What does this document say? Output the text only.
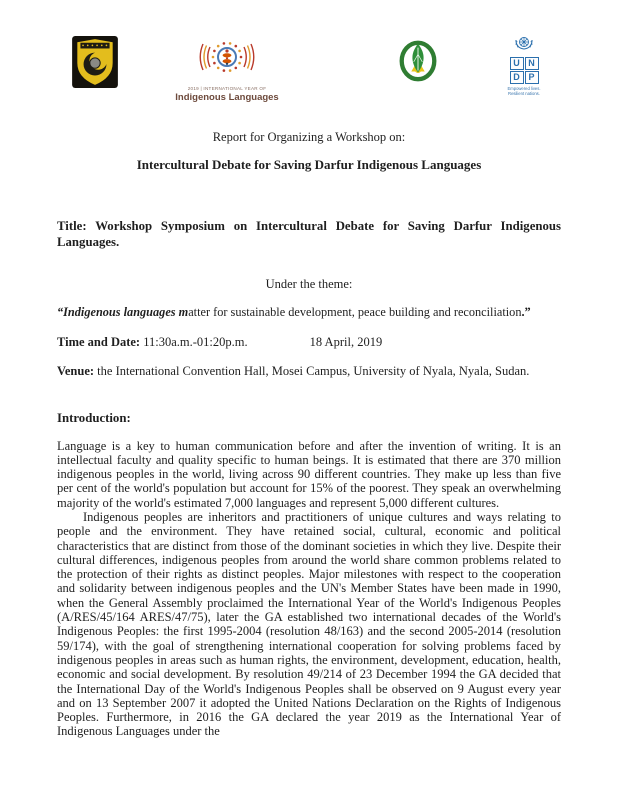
2019 | INTERNATIONAL YEAR OF
Indigenous Languages
U N
D P
Empowered lives.
Resilient nations.
Report for Organizing a Workshop on:
Intercultural Debate for Saving Darfur Indigenous Languages
Title: Workshop Symposium on Intercultural Debate for Saving Darfur Indigenous Languages.
Under the theme:
“Indigenous languages matter for sustainable development, peace building and reconciliation.”
Time and Date: 11:30a.m.-01:20p.m.	18 April, 2019
Venue: the International Convention Hall, Mosei Campus, University of Nyala, Nyala, Sudan.
Introduction:
Language is a key to human communication before and after the invention of writing. It is an intellectual faculty and quality specific to human beings. It is estimated that there are 370 million indigenous peoples in the world, living across 90 different countries. They make up less than five per cent of the world's population but account for 15% of the poorest. They speak an overwhelming majority of the world's estimated 7,000 languages and represent 5,000 different cultures.
Indigenous peoples are inheritors and practitioners of unique cultures and ways relating to people and the environment. They have retained social, cultural, economic and political characteristics that are distinct from those of the dominant societies in which they live. Despite their cultural differences, indigenous peoples from around the world share common problems related to the protection of their rights as distinct peoples. Major milestones with respect to the cooperation and solidarity between indigenous peoples and the UN's Member States have been made in 1990, when the General Assembly proclaimed the International Year of the World's Indigenous Peoples (A/RES/45/164 ARES/47/75), later the GA established two international decades of the World's Indigenous Peoples: the first 1995-2004 (resolution 48/163) and the second 2005-2014 (resolution 59/174), with the goal of strengthening international cooperation for solving problems faced by indigenous peoples in areas such as human rights, the environment, development, education, health, economic and social development. By resolution 49/214 of 23 December 1994 the GA decided that the International Day of the World's Indigenous Peoples shall be observed on 9 August every year and on 13 September 2007 it adopted the United Nations Declaration on the Rights of Indigenous Peoples. Furthermore, in 2016 the GA declared the year 2019 as the International Year of Indigenous Languages under the
